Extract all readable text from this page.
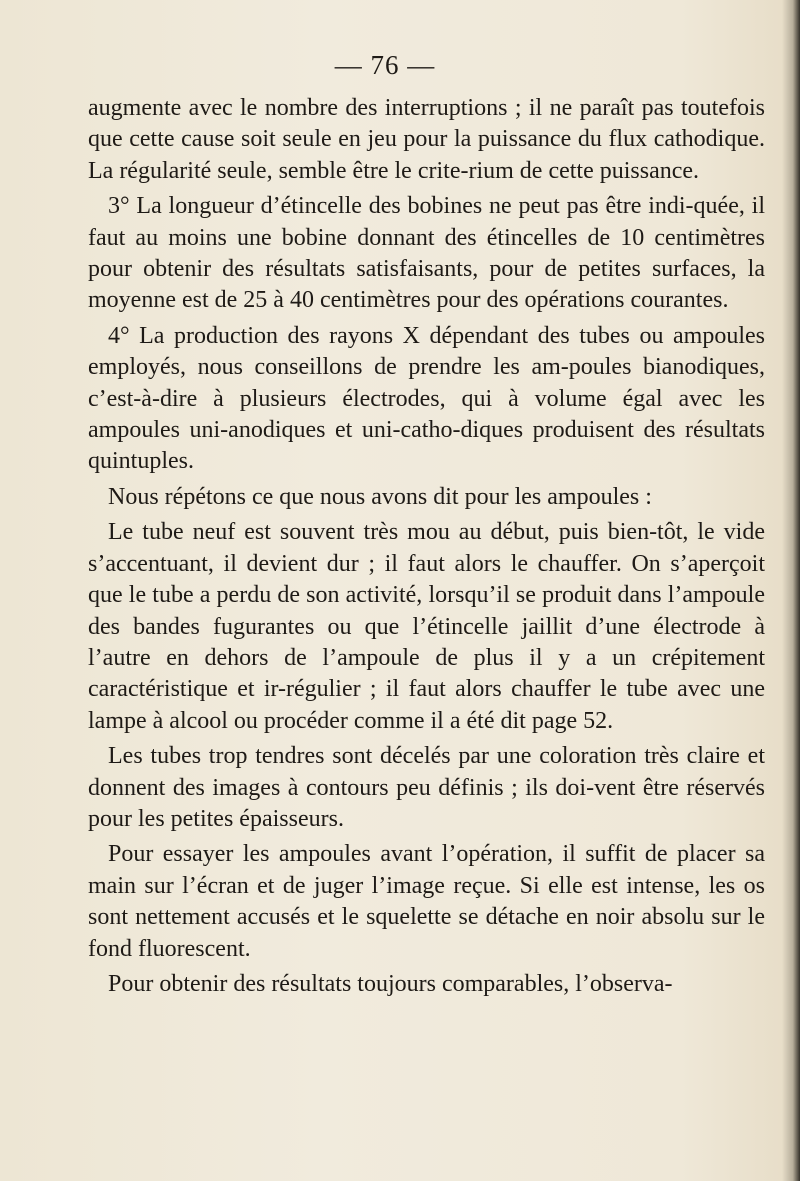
— 76 —

augmente avec le nombre des interruptions ; il ne paraît pas toutefois que cette cause soit seule en jeu pour la puissance du flux cathodique. La régularité seule, semble être le crite-rium de cette puissance.

3° La longueur d’étincelle des bobines ne peut pas être indi-quée, il faut au moins une bobine donnant des étincelles de 10 centimètres pour obtenir des résultats satisfaisants, pour de petites surfaces, la moyenne est de 25 à 40 centimètres pour des opérations courantes.

4° La production des rayons X dépendant des tubes ou ampoules employés, nous conseillons de prendre les am-poules bianodiques, c’est-à-dire à plusieurs électrodes, qui à volume égal avec les ampoules uni-anodiques et uni-catho-diques produisent des résultats quintuples.

Nous répétons ce que nous avons dit pour les ampoules :

Le tube neuf est souvent très mou au début, puis bien-tôt, le vide s’accentuant, il devient dur ; il faut alors le chauffer. On s’aperçoit que le tube a perdu de son activité, lorsqu’il se produit dans l’ampoule des bandes fugurantes ou que l’étincelle jaillit d’une électrode à l’autre en dehors de l’ampoule de plus il y a un crépitement caractéristique et ir-régulier ; il faut alors chauffer le tube avec une lampe à alcool ou procéder comme il a été dit page 52.

Les tubes trop tendres sont décelés par une coloration très claire et donnent des images à contours peu définis ; ils doi-vent être réservés pour les petites épaisseurs.

Pour essayer les ampoules avant l’opération, il suffit de placer sa main sur l’écran et de juger l’image reçue. Si elle est intense, les os sont nettement accusés et le squelette se détache en noir absolu sur le fond fluorescent.

Pour obtenir des résultats toujours comparables, l’observa-
